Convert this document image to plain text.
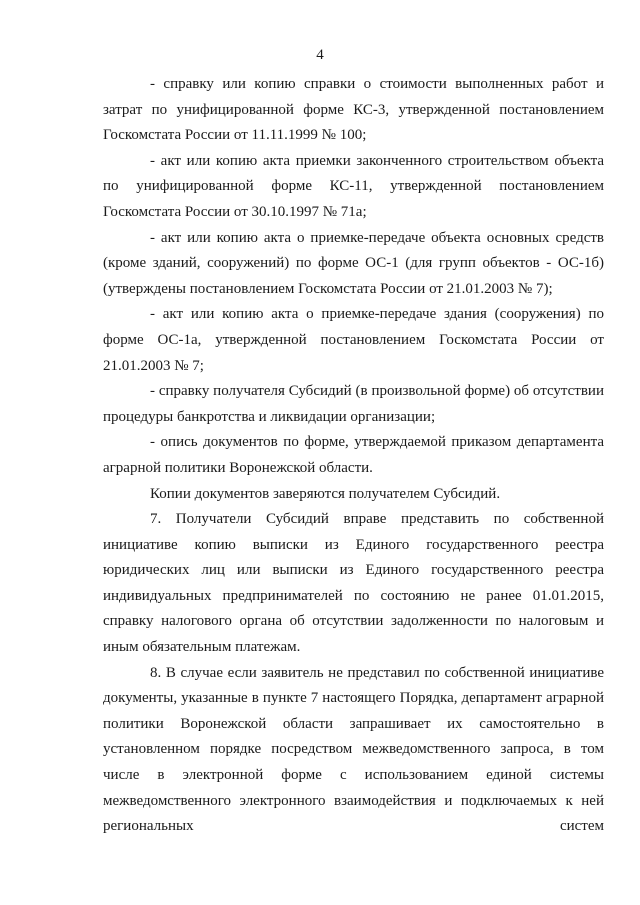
4

- справку или копию справки о стоимости выполненных работ и затрат по унифицированной форме КС-3, утвержденной постановлением Госкомстата России от 11.11.1999 № 100;

- акт или копию акта приемки законченного строительством объекта по унифицированной форме КС-11, утвержденной постановлением Госкомстата России от 30.10.1997 № 71а;

- акт или копию акта о приемке-передаче объекта основных средств (кроме зданий, сооружений) по форме ОС-1 (для групп объектов - ОС-1б) (утверждены постановлением Госкомстата России от 21.01.2003 № 7);

- акт или копию акта о приемке-передаче здания (сооружения) по форме ОС-1а, утвержденной постановлением Госкомстата России от 21.01.2003 № 7;

- справку получателя Субсидий (в произвольной форме) об отсутствии процедуры банкротства и ликвидации организации;

- опись документов по форме, утверждаемой приказом департамента аграрной политики Воронежской области.

Копии документов заверяются получателем Субсидий.

7. Получатели Субсидий вправе представить по собственной инициативе копию выписки из Единого государственного реестра юридических лиц или выписки из Единого государственного реестра индивидуальных предпринимателей по состоянию не ранее 01.01.2015, справку налогового органа об отсутствии задолженности по налоговым и иным обязательным платежам.

8. В случае если заявитель не представил по собственной инициативе документы, указанные в пункте 7 настоящего Порядка, департамент аграрной политики Воронежской области запрашивает их самостоятельно в установленном порядке посредством межведомственного запроса, в том числе в электронной форме с использованием единой системы межведомственного электронного взаимодействия и подключаемых к ней региональных систем
